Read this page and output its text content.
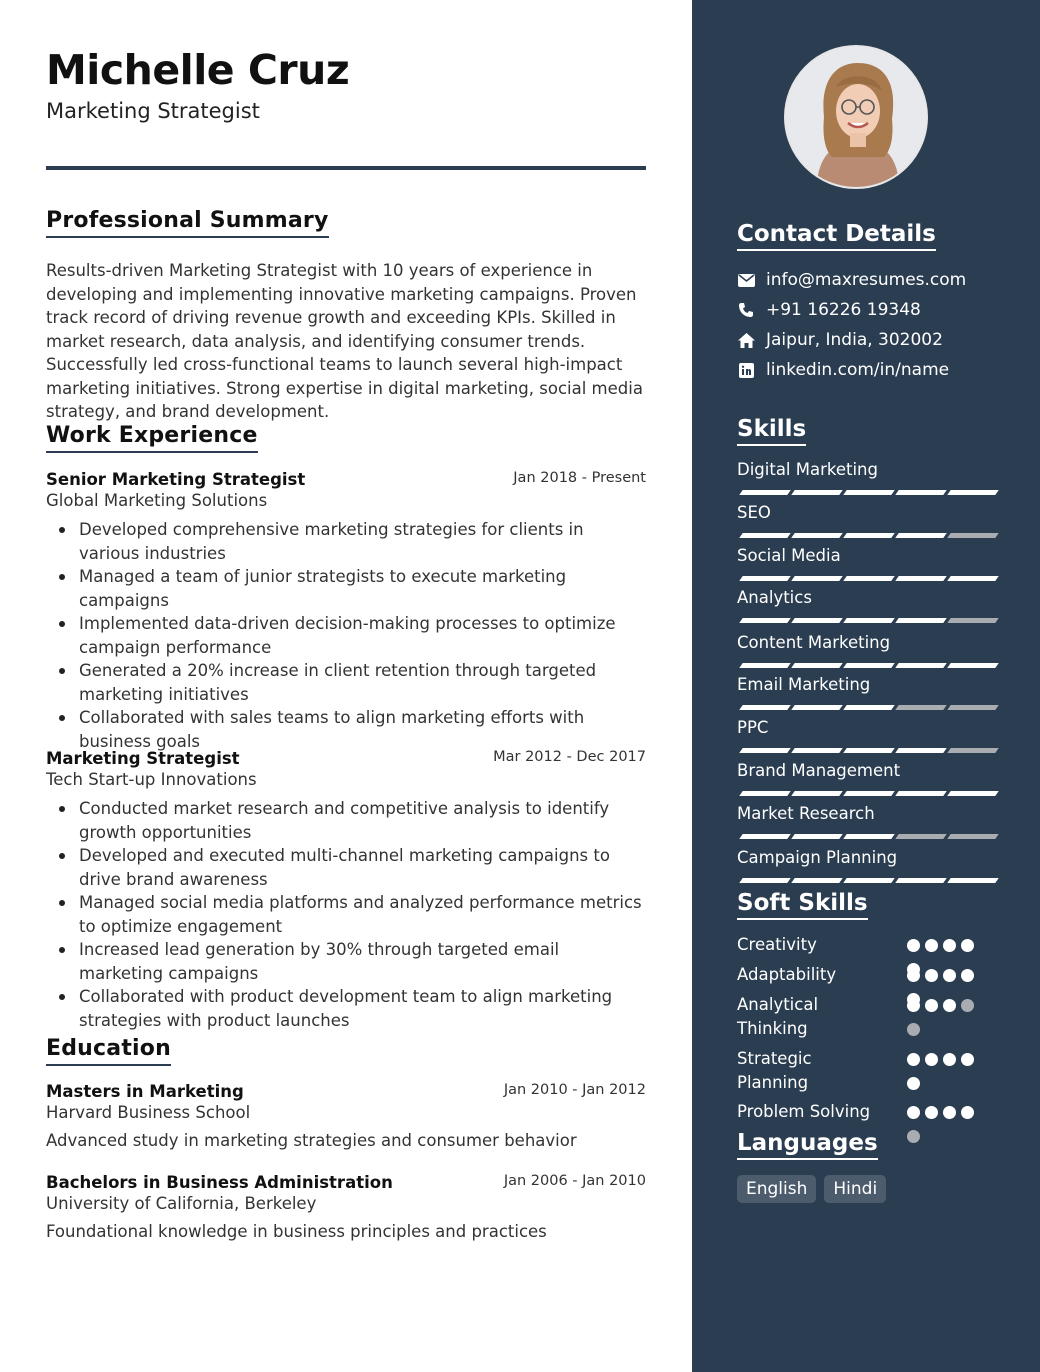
Michelle Cruz
Marketing Strategist
Professional Summary
Results-driven Marketing Strategist with 10 years of experience in developing and implementing innovative marketing campaigns. Proven track record of driving revenue growth and exceeding KPIs. Skilled in market research, data analysis, and identifying consumer trends. Successfully led cross-functional teams to launch several high-impact marketing initiatives. Strong expertise in digital marketing, social media strategy, and brand development.
Work Experience
Senior Marketing Strategist	Jan 2018 - Present
Global Marketing Solutions
Developed comprehensive marketing strategies for clients in various industries
Managed a team of junior strategists to execute marketing campaigns
Implemented data-driven decision-making processes to optimize campaign performance
Generated a 20% increase in client retention through targeted marketing initiatives
Collaborated with sales teams to align marketing efforts with business goals
Marketing Strategist	Mar 2012 - Dec 2017
Tech Start-up Innovations
Conducted market research and competitive analysis to identify growth opportunities
Developed and executed multi-channel marketing campaigns to drive brand awareness
Managed social media platforms and analyzed performance metrics to optimize engagement
Increased lead generation by 30% through targeted email marketing campaigns
Collaborated with product development team to align marketing strategies with product launches
Education
Masters in Marketing	Jan 2010 - Jan 2012
Harvard Business School
Advanced study in marketing strategies and consumer behavior
Bachelors in Business Administration	Jan 2006 - Jan 2010
University of California, Berkeley
Foundational knowledge in business principles and practices
Contact Details
info@maxresumes.com
+91 16226 19348
Jaipur, India, 302002
linkedin.com/in/name
Skills
Digital Marketing
SEO
Social Media
Analytics
Content Marketing
Email Marketing
PPC
Brand Management
Market Research
Campaign Planning
Soft Skills
Creativity
Adaptability
Analytical Thinking
Strategic Planning
Problem Solving
Languages
English	Hindi
